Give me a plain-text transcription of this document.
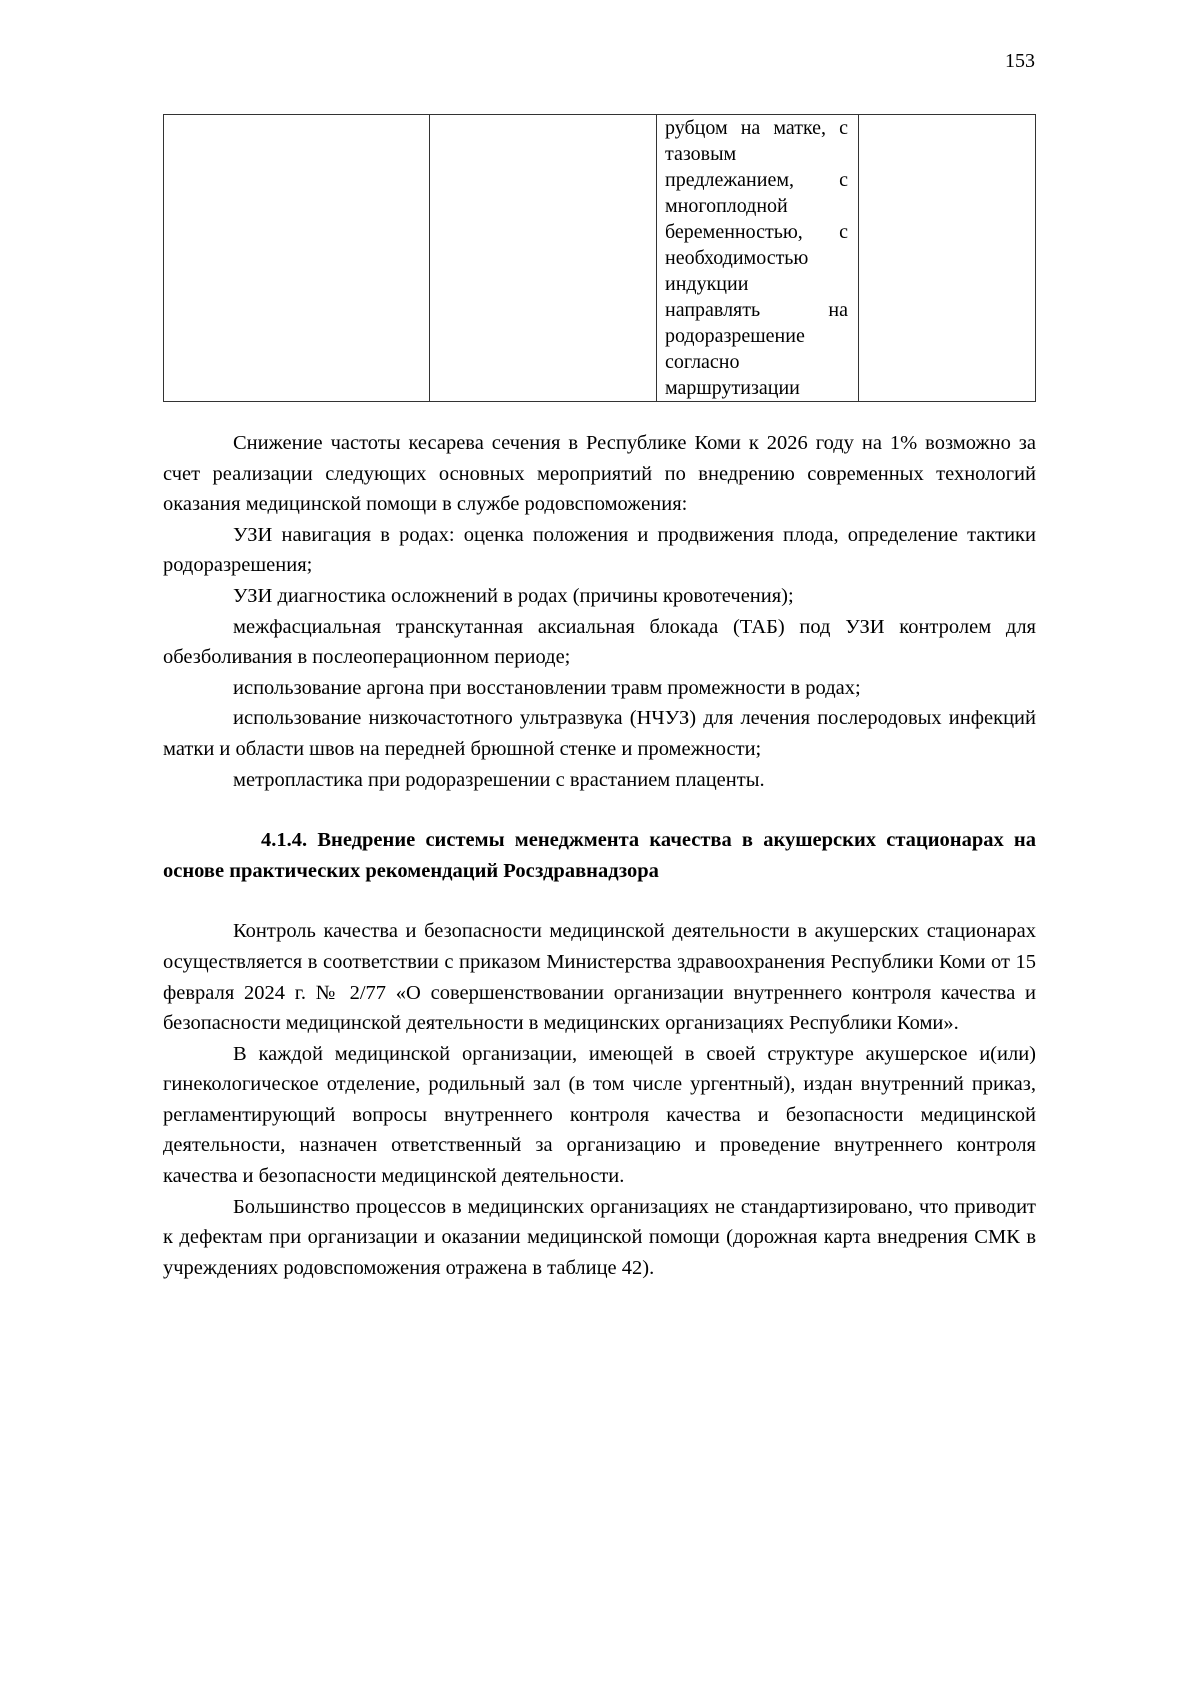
153

рубцом на матке, с
тазовым
предлежанием, с
многоплодной
беременностью, с
необходимостью
индукции
направлять на
родоразрешение
согласно
маршрутизации

Снижение частоты кесарева сечения в Республике Коми к 2026 году на 1% возможно за счет реализации следующих основных мероприятий по внедрению современных технологий оказания медицинской помощи в службе родовспоможения:

УЗИ навигация в родах: оценка положения и продвижения плода, определение тактики родоразрешения;

УЗИ диагностика осложнений в родах (причины кровотечения);

межфасциальная транскутанная аксиальная блокада (ТАБ) под УЗИ контролем для обезболивания в послеоперационном периоде;

использование аргона при восстановлении травм промежности в родах;

использование низкочастотного ультразвука (НЧУЗ) для лечения послеродовых инфекций матки и области швов на передней брюшной стенке и промежности;

метропластика при родоразрешении с врастанием плаценты.

4.1.4. Внедрение системы менеджмента качества в акушерских стационарах на основе практических рекомендаций Росздравнадзора

Контроль качества и безопасности медицинской деятельности в акушерских стационарах осуществляется в соответствии с приказом Министерства здравоохранения Республики Коми от 15 февраля 2024 г. № 2/77 «О совершенствовании организации внутреннего контроля качества и безопасности медицинской деятельности в медицинских организациях Республики Коми».

В каждой медицинской организации, имеющей в своей структуре акушерское и(или) гинекологическое отделение, родильный зал (в том числе ургентный), издан внутренний приказ, регламентирующий вопросы внутреннего контроля качества и безопасности медицинской деятельности, назначен ответственный за организацию и проведение внутреннего контроля качества и безопасности медицинской деятельности.

Большинство процессов в медицинских организациях не стандартизировано, что приводит к дефектам при организации и оказании медицинской помощи (дорожная карта внедрения СМК в учреждениях родовспоможения отражена в таблице 42).
